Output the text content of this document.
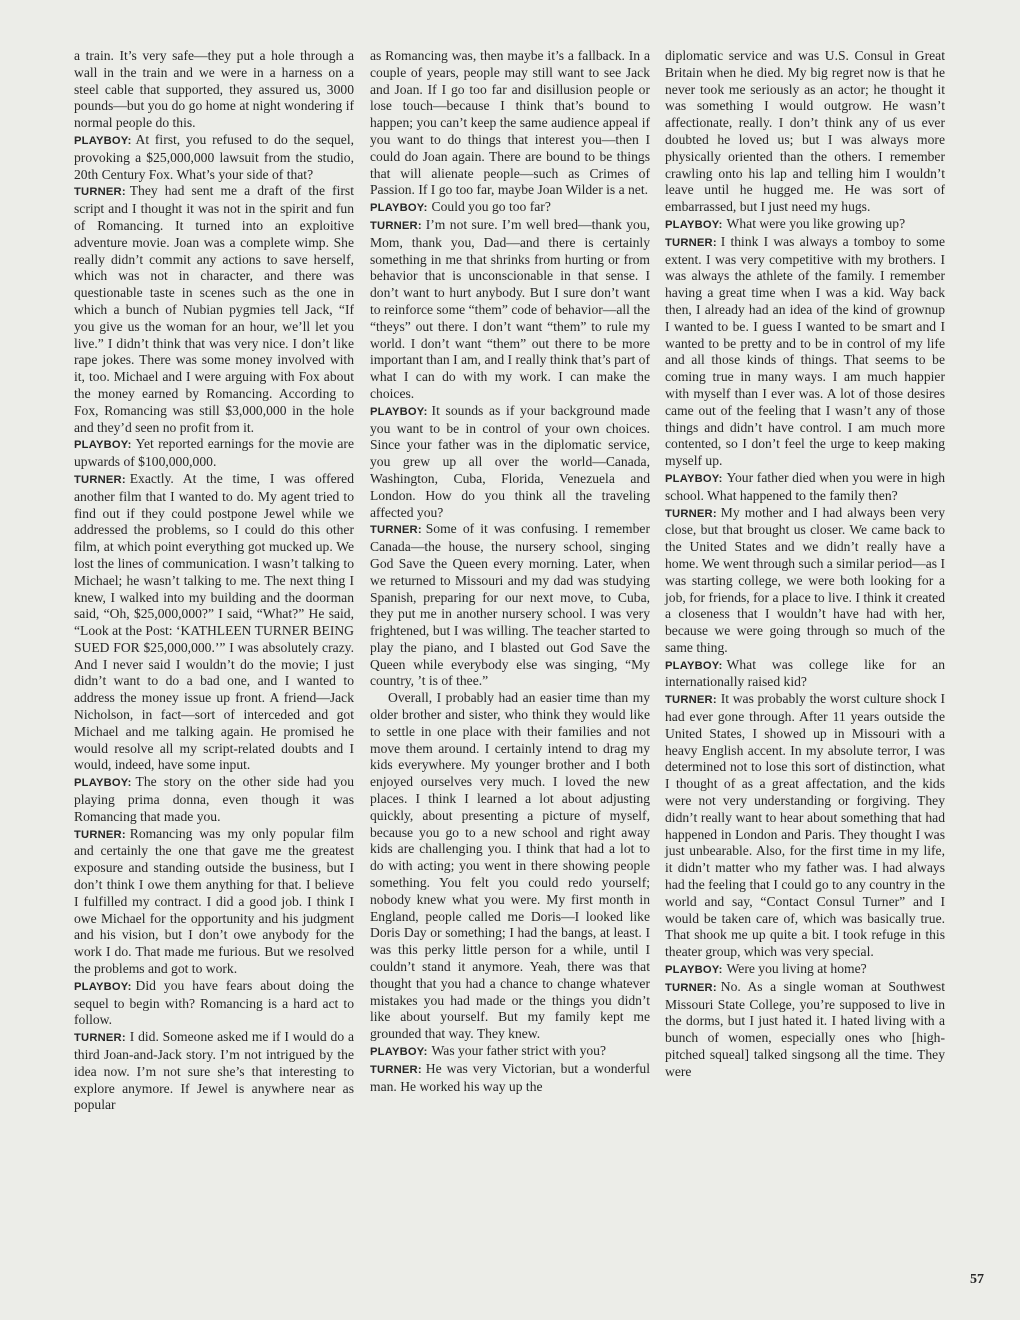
a train. It’s very safe—they put a hole through a wall in the train and we were in a harness on a steel cable that supported, they assured us, 3000 pounds—but you do go home at night wondering if normal people do this.

PLAYBOY: At first, you refused to do the sequel, provoking a $25,000,000 lawsuit from the studio, 20th Century Fox. What’s your side of that?

TURNER: They had sent me a draft of the first script and I thought it was not in the spirit and fun of Romancing. It turned into an exploitive adventure movie. Joan was a complete wimp. She really didn’t commit any actions to save herself, which was not in character, and there was questionable taste in scenes such as the one in which a bunch of Nubian pygmies tell Jack, “If you give us the woman for an hour, we’ll let you live.” I didn’t think that was very nice. I don’t like rape jokes. There was some money involved with it, too. Michael and I were arguing with Fox about the money earned by Romancing. According to Fox, Romancing was still $3,000,000 in the hole and they’d seen no profit from it.

PLAYBOY: Yet reported earnings for the movie are upwards of $100,000,000.

TURNER: Exactly. At the time, I was offered another film that I wanted to do. My agent tried to find out if they could postpone Jewel while we addressed the problems, so I could do this other film, at which point everything got mucked up. We lost the lines of communication. I wasn’t talking to Michael; he wasn’t talking to me. The next thing I knew, I walked into my building and the doorman said, “Oh, $25,000,000?” I said, “What?” He said, “Look at the Post: ‘KATHLEEN TURNER BEING SUED FOR $25,000,000.’” I was absolutely crazy. And I never said I wouldn’t do the movie; I just didn’t want to do a bad one, and I wanted to address the money issue up front. A friend—Jack Nicholson, in fact—sort of interceded and got Michael and me talking again. He promised he would resolve all my script-related doubts and I would, indeed, have some input.

PLAYBOY: The story on the other side had you playing prima donna, even though it was Romancing that made you.

TURNER: Romancing was my only popular film and certainly the one that gave me the greatest exposure and standing outside the business, but I don’t think I owe them anything for that. I believe I fulfilled my contract. I did a good job. I think I owe Michael for the opportunity and his judgment and his vision, but I don’t owe anybody for the work I do. That made me furious. But we resolved the problems and got to work.

PLAYBOY: Did you have fears about doing the sequel to begin with? Romancing is a hard act to follow.

TURNER: I did. Someone asked me if I would do a third Joan-and-Jack story. I’m not intrigued by the idea now. I’m not sure she’s that interesting to explore anymore. If Jewel is anywhere near as popular

as Romancing was, then maybe it’s a fallback. In a couple of years, people may still want to see Jack and Joan. If I go too far and disillusion people or lose touch—because I think that’s bound to happen; you can’t keep the same audience appeal if you want to do things that interest you—then I could do Joan again. There are bound to be things that will alienate people—such as Crimes of Passion. If I go too far, maybe Joan Wilder is a net.

PLAYBOY: Could you go too far?

TURNER: I’m not sure. I’m well bred—thank you, Mom, thank you, Dad—and there is certainly something in me that shrinks from hurting or from behavior that is unconscionable in that sense. I don’t want to hurt anybody. But I sure don’t want to reinforce some “them” code of behavior—all the “theys” out there. I don’t want “them” to rule my world. I don’t want “them” out there to be more important than I am, and I really think that’s part of what I can do with my work. I can make the choices.

PLAYBOY: It sounds as if your background made you want to be in control of your own choices. Since your father was in the diplomatic service, you grew up all over the world—Canada, Washington, Cuba, Florida, Venezuela and London. How do you think all the traveling affected you?

TURNER: Some of it was confusing. I remember Canada—the house, the nursery school, singing God Save the Queen every morning. Later, when we returned to Missouri and my dad was studying Spanish, preparing for our next move, to Cuba, they put me in another nursery school. I was very frightened, but I was willing. The teacher started to play the piano, and I blasted out God Save the Queen while everybody else was singing, “My country, ’t is of thee.”

Overall, I probably had an easier time than my older brother and sister, who think they would like to settle in one place with their families and not move them around. I certainly intend to drag my kids everywhere. My younger brother and I both enjoyed ourselves very much. I loved the new places. I think I learned a lot about adjusting quickly, about presenting a picture of myself, because you go to a new school and right away kids are challenging you. I think that had a lot to do with acting; you went in there showing people something. You felt you could redo yourself; nobody knew what you were. My first month in England, people called me Doris—I looked like Doris Day or something; I had the bangs, at least. I was this perky little person for a while, until I couldn’t stand it anymore. Yeah, there was that thought that you had a chance to change whatever mistakes you had made or the things you didn’t like about yourself. But my family kept me grounded that way. They knew.

PLAYBOY: Was your father strict with you?

TURNER: He was very Victorian, but a wonderful man. He worked his way up the

diplomatic service and was U.S. Consul in Great Britain when he died. My big regret now is that he never took me seriously as an actor; he thought it was something I would outgrow. He wasn’t affectionate, really. I don’t think any of us ever doubted he loved us; but I was always more physically oriented than the others. I remember crawling onto his lap and telling him I wouldn’t leave until he hugged me. He was sort of embarrassed, but I just need my hugs.

PLAYBOY: What were you like growing up?

TURNER: I think I was always a tomboy to some extent. I was very competitive with my brothers. I was always the athlete of the family. I remember having a great time when I was a kid. Way back then, I already had an idea of the kind of grownup I wanted to be. I guess I wanted to be smart and I wanted to be pretty and to be in control of my life and all those kinds of things. That seems to be coming true in many ways. I am much happier with myself than I ever was. A lot of those desires came out of the feeling that I wasn’t any of those things and didn’t have control. I am much more contented, so I don’t feel the urge to keep making myself up.

PLAYBOY: Your father died when you were in high school. What happened to the family then?

TURNER: My mother and I had always been very close, but that brought us closer. We came back to the United States and we didn’t really have a home. We went through such a similar period—as I was starting college, we were both looking for a job, for friends, for a place to live. I think it created a closeness that I wouldn’t have had with her, because we were going through so much of the same thing.

PLAYBOY: What was college like for an internationally raised kid?

TURNER: It was probably the worst culture shock I had ever gone through. After 11 years outside the United States, I showed up in Missouri with a heavy English accent. In my absolute terror, I was determined not to lose this sort of distinction, what I thought of as a great affectation, and the kids were not very understanding or forgiving. They didn’t really want to hear about something that had happened in London and Paris. They thought I was just unbearable. Also, for the first time in my life, it didn’t matter who my father was. I had always had the feeling that I could go to any country in the world and say, “Contact Consul Turner” and I would be taken care of, which was basically true. That shook me up quite a bit. I took refuge in this theater group, which was very special.

PLAYBOY: Were you living at home?

TURNER: No. As a single woman at Southwest Missouri State College, you’re supposed to live in the dorms, but I just hated it. I hated living with a bunch of women, especially ones who [high-pitched squeal] talked singsong all the time. They were

57
